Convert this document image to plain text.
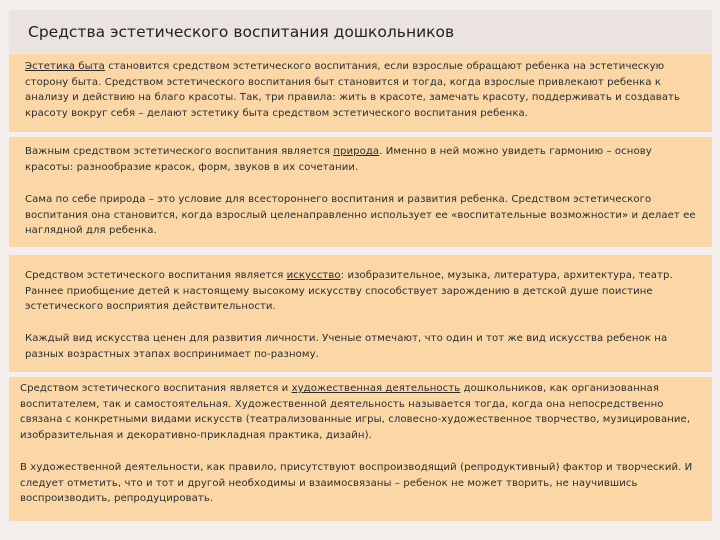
Средства эстетического воспитания дошкольников

Эстетика быта становится средством эстетического воспитания, если взрослые обращают ребенка на эстетическую сторону быта. Средством эстетического воспитания быт становится и тогда, когда взрослые привлекают ребенка к анализу и действию на благо красоты. Так, три правила: жить в красоте, замечать красоту, поддерживать и создавать красоту вокруг себя – делают эстетику быта средством эстетического воспитания ребенка.

Важным средством эстетического воспитания является природа. Именно в ней можно увидеть гармонию – основу красоты: разнообразие красок, форм, звуков в их сочетании.

Сама по себе природа – это условие для всестороннего воспитания и развития ребенка. Средством эстетического воспитания она становится, когда взрослый целенаправленно использует ее «воспитательные возможности» и делает ее наглядной для ребенка.

Средством эстетического воспитания является искусство: изобразительное, музыка, литература, архитектура, театр. Раннее приобщение детей к настоящему высокому искусству способствует зарождению в детской душе поистине эстетического восприятия действительности.

Каждый вид искусства ценен для развития личности. Ученые отмечают, что один и тот же вид искусства ребенок на разных возрастных этапах воспринимает по-разному.

Средством эстетического воспитания является и художественная деятельность дошкольников, как организованная воспитателем, так и самостоятельная. Художественной деятельность называется тогда, когда она непосредственно связана с конкретными видами искусств (театрализованные игры, словесно-художественное творчество, музицирование, изобразительная и декоративно-прикладная практика, дизайн).

В художественной деятельности, как правило, присутствуют воспроизводящий (репродуктивный) фактор и творческий. И следует отметить, что и тот и другой необходимы и взаимосвязаны – ребенок не может творить, не научившись воспроизводить, репродуцировать.
